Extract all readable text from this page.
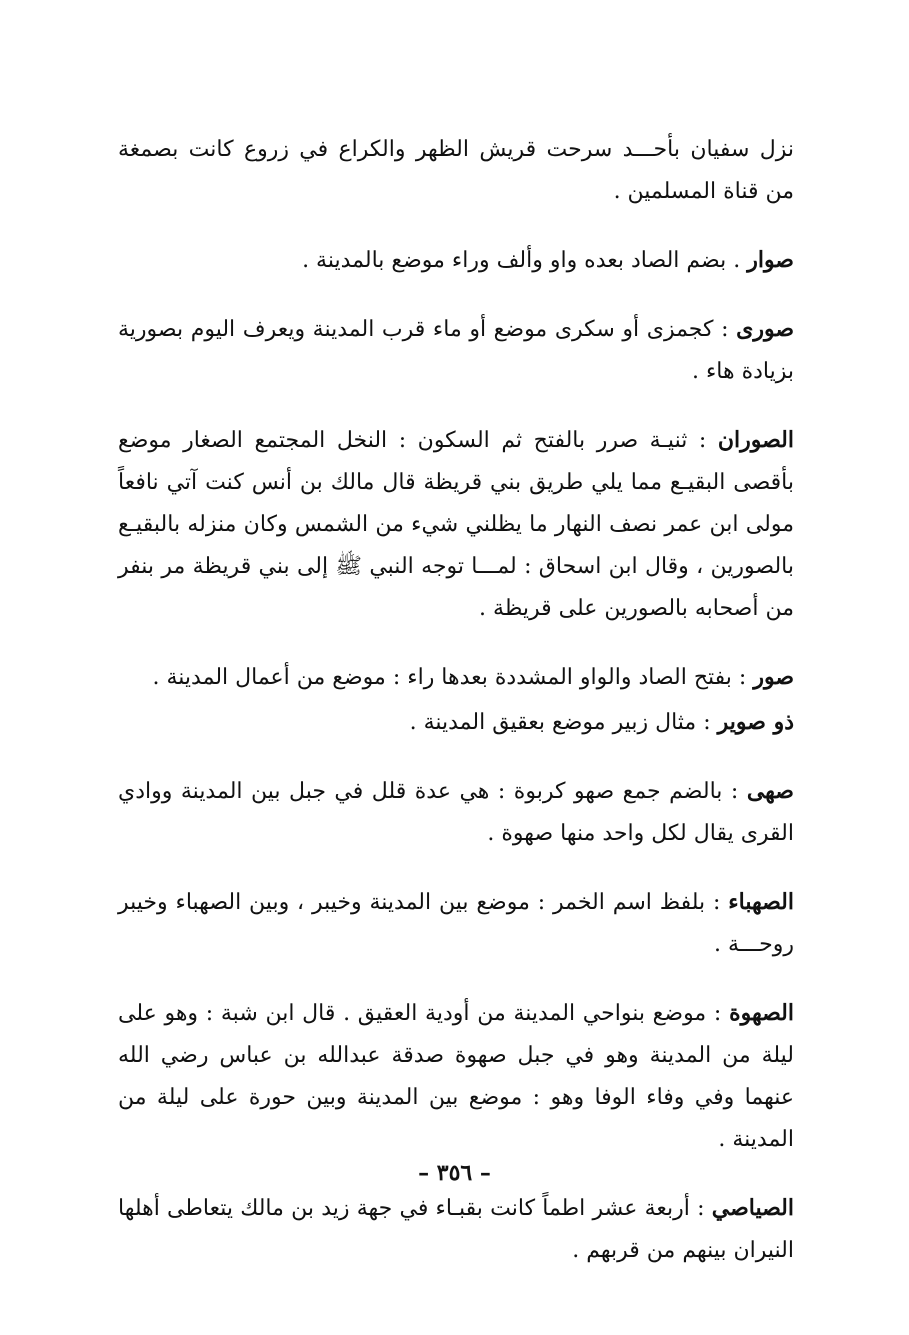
نزل سفيان بأحـــد سرحت قريش الظهر والكراع في زروع كانت بصمغة من قناة المسلمين .

صوار . بضم الصاد بعده واو وألف وراء موضع بالمدينة .

صورى : كجمزى أو سكرى موضع أو ماء قرب المدينة ويعرف اليوم بصورية بزيادة هاء .

الصوران : ثنيـة صرر بالفتح ثم السكون : النخل المجتمع الصغار موضع بأقصى البقيـع مما يلي طريق بني قريظة قال مالك بن أنس كنت آتي نافعاً مولى ابن عمر نصف النهار ما يظلني شيء من الشمس وكان منزله بالبقيـع بالصورين ، وقال ابن اسحاق : لمـــا توجه النبي ﷺ إلى بني قريظة مر بنفر من أصحابه بالصورين على قريظة .

صور : بفتح الصاد والواو المشددة بعدها راء : موضع من أعمال المدينة .

ذو صوير : مثال زبير موضع بعقيق المدينة .

صهى : بالضم جمع صهو كربوة : هي عدة قلل في جبل بين المدينة ووادي القرى يقال لكل واحد منها صهوة .

الصهباء : بلفظ اسم الخمر : موضع بين المدينة وخيبر ، وبين الصهباء وخيبر روحـــة .

الصهوة : موضع بنواحي المدينة من أودية العقيق . قال ابن شبة : وهو على ليلة من المدينة وهو في جبل صهوة صدقة عبدالله بن عباس رضي الله عنهما وفي وفاء الوفا وهو : موضع بين المدينة وبين حورة على ليلة من المدينة .

الصياصي : أربعة عشر اطماً كانت بقبـاء في جهة زيد بن مالك يتعاطى أهلها النيران بينهم من قربهم .

– ٣٥٦ –
